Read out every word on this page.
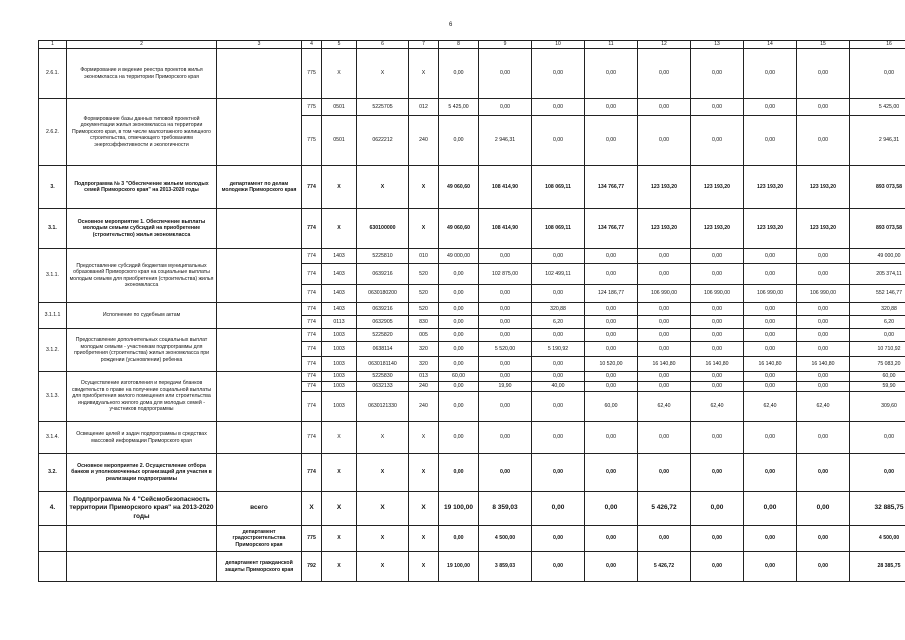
6
1	2	3	4	5	6	7	8	9	10	11	12	13	14	15	16
2.6.1.	Формирование и ведение реестра проектов жилья экономкласса на территории Приморского края		775	X	X	X	0,00	0,00	0,00	0,00	0,00	0,00	0,00	0,00	0,00
2.6.2.	Формирование базы данных типовой проектной документации жилья экономкласса на территории Приморского края, в том числе малоэтажного жилищного строительства, отвечающего требованиям энергоэффективности и экологичности		775	0501	5225705	012	5 425,00	0,00	0,00	0,00	0,00	0,00	0,00	0,00	5 425,00
			775	0501	0622212	240	0,00	2 946,31	0,00	0,00	0,00	0,00	0,00	0,00	2 946,31
3.	Подпрограмма № 3 "Обеспечение жильем молодых семей Приморского края" на 2013-2020 годы	департамент по делам молодежи Приморского края	774	X	X	X	49 060,60	108 414,90	108 069,11	134 766,77	123 193,20	123 193,20	123 193,20	123 193,20	893 073,58
3.1.	Основное мероприятие 1. Обеспечение выплаты молодым семьям субсидий на приобретение (строительство) жилья экономкласса		774	X	630100000	X	49 060,60	108 414,90	108 069,11	134 766,77	123 193,20	123 193,20	123 193,20	123 193,20	893 073,58
3.1.1.	Предоставление субсидий бюджетам муниципальных образований Приморского края на социальные выплаты молодым семьям для приобретения (строительства) жилья экономкласса		774	1403	5225810	010	49 000,00	0,00	0,00	0,00	0,00	0,00	0,00	0,00	49 000,00
			774	1403	0639216	520	0,00	102 875,00	102 499,11	0,00	0,00	0,00	0,00	0,00	205 374,11
			774	1403	0630180200	520	0,00	0,00	0,00	124 186,77	106 990,00	106 990,00	106 990,00	106 990,00	552 146,77
3.1.1.1	Исполнение по судебным актам		774	1403	0639216	520	0,00	0,00	320,88	0,00	0,00	0,00	0,00	0,00	320,88
			774	0113	0632905	830	0,00	0,00	6,20	0,00	0,00	0,00	0,00	0,00	6,20
3.1.2.	Предоставление дополнительных социальных выплат молодым семьям - участникам подпрограммы для приобретения (строительства) жилья экономкласса при рождении (усыновлении) ребенка		774	1003	5225820	005	0,00	0,00	0,00	0,00	0,00	0,00	0,00	0,00	0,00
			774	1003	0638114	320	0,00	5 520,00	5 190,92	0,00	0,00	0,00	0,00	0,00	10 710,92
			774	1003	0630181140	320	0,00	0,00	0,00	10 520,00	16 140,80	16 140,80	16 140,80	16 140,80	75 083,20
3.1.3.	Осуществление изготовления и передачи бланков свидетельств о праве на получение социальной выплаты для приобретения жилого помещения или строительства индивидуального жилого дома для молодых семей - участников подпрограммы		774	1003	5225830	013	60,00	0,00	0,00	0,00	0,00	0,00	0,00	0,00	60,00
			774	1003	0632133	240	0,00	19,90	40,00	0,00	0,00	0,00	0,00	0,00	59,90
			774	1003	0630121330	240	0,00	0,00	0,00	60,00	62,40	62,40	62,40	62,40	309,60
3.1.4.	Освещение целей и задач подпрограммы в средствах массовой информации Приморского края		774	X	X	X	0,00	0,00	0,00	0,00	0,00	0,00	0,00	0,00	0,00
3.2.	Основное мероприятие 2. Осуществление отбора банков и уполномоченных организаций для участия в реализации подпрограммы		774	X	X	X	0,00	0,00	0,00	0,00	0,00	0,00	0,00	0,00	0,00
4.	Подпрограмма № 4 "Сейсмобезопасность территории Приморского края" на 2013-2020 годы	всего	X	X	X	X	19 100,00	8 359,03	0,00	0,00	5 426,72	0,00	0,00	0,00	32 885,75
		департамент градостроительства Приморского края	775	X	X	X	0,00	4 500,00	0,00	0,00	0,00	0,00	0,00	0,00	4 500,00
		департамент гражданской защиты Приморского края	792	X	X	X	19 100,00	3 859,03	0,00	0,00	5 426,72	0,00	0,00	0,00	28 385,75
